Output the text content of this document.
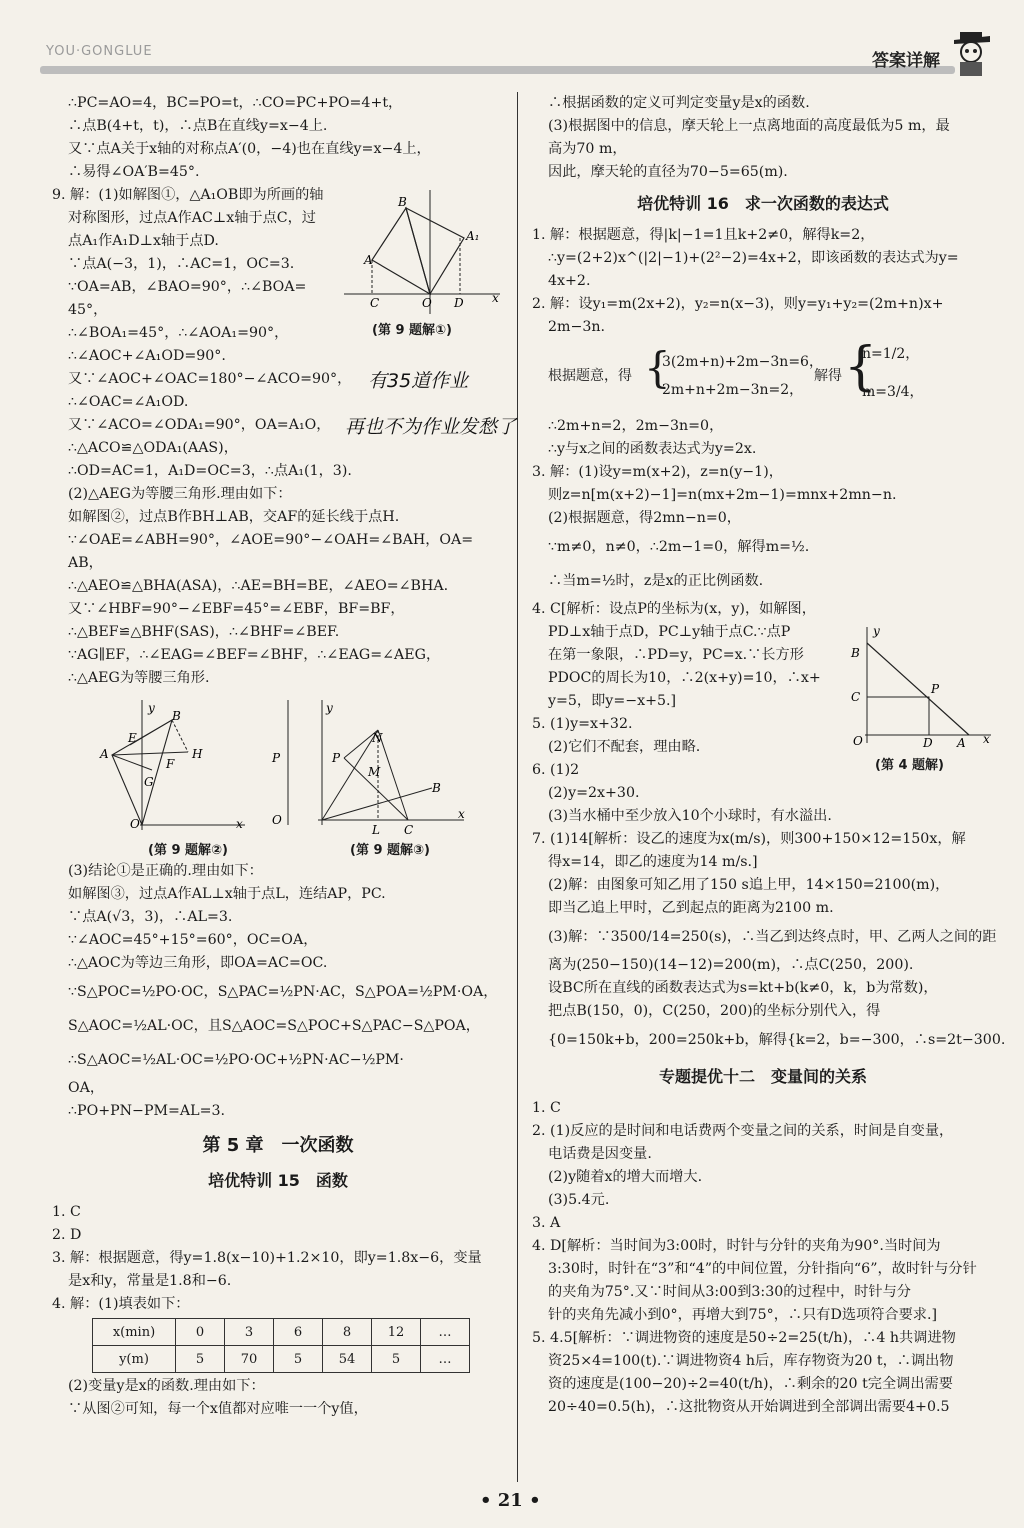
YOU·GONGLUE	答案详解
∴PC=AO=4，BC=PO=t，∴CO=PC+PO=4+t，
∴点B(4+t，t)，∴点B在直线y=x−4上.
又∵点A关于x轴的对称点A′(0，−4)也在直线y=x−4上，
∴易得∠OA′B=45°.
9. 解：(1)如解图①，△A₁OB即为所画的轴
对称图形，过点A作AC⊥x轴于点C，过
点A₁作A₁D⊥x轴于点D.
∵点A(−3，1)，∴AC=1，OC=3.
∵OA=AB，∠BAO=90°，∴∠BOA=
45°，
∴∠BOA₁=45°，∴∠AOA₁=90°，
∴∠AOC+∠A₁OD=90°.
又∵∠AOC+∠OAC=180°−∠ACO=90°，
∴∠OAC=∠A₁OD.
又∵∠ACO=∠ODA₁=90°，OA=A₁O，
∴△ACO≌△ODA₁(AAS)，
∴OD=AC=1，A₁D=OC=3，∴点A₁(1，3).
(2)△AEG为等腰三角形.理由如下：
如解图②，过点B作BH⊥AB，交AF的延长线于点H.
∵∠OAE=∠ABH=90°，∠AOE=90°−∠OAH=∠BAH，OA=
AB，
∴△AEO≌△BHA(ASA)，∴AE=BH=BE，∠AEO=∠BHA.
又∵∠HBF=90°−∠EBF=45°=∠EBF，BF=BF，
∴△BEF≌△BHF(SAS)，∴∠BHF=∠BEF.
∵AG∥EF，∴∠EAG=∠BEF=∠BHF，∴∠EAG=∠AEG，
∴△AEG为等腰三角形.
(3)结论①是正确的.理由如下：
如解图③，过点A作AL⊥x轴于点L，连结AP，PC.
∵点A(√3，3)，∴AL=3.
∵∠AOC=45°+15°=60°，OC=OA，
∴△AOC为等边三角形，即OA=AC=OC.
∵S△POC=½PO·OC，S△PAC=½PN·AC，S△POA=½PM·OA，
S△AOC=½AL·OC，且S△AOC=S△POC+S△PAC−S△POA，
∴S△AOC=½AL·OC=½PO·OC+½PN·AC−½PM·
OA，
∴PO+PN−PM=AL=3.
第 5 章　一次函数
培优特训 15　函数
1. C
2. D
3. 解：根据题意，得y=1.8(x−10)+1.2×10，即y=1.8x−6，变量
是x和y，常量是1.8和−6.
4. 解：(1)填表如下：
x(min)	0	3	6	8	12	…
y(m)	5	70	5	54	5	…
(2)变量y是x的函数.理由如下：
∵从图②可知，每一个x值都对应唯一一个y值，
A
B
A₁
C	O D x
(第 9 题解①)
有35道作业
再也不为作业发愁了
A
B
E
F
G
H
O	x
y
(第 9 题解②)
P
O
P
N
M
B
L C
x
y
(第 9 题解③)
∴根据函数的定义可判定变量y是x的函数.
(3)根据图中的信息，摩天轮上一点离地面的高度最低为5 m，最
高为70 m，
因此，摩天轮的直径为70−5=65(m).
培优特训 16　求一次函数的表达式
1. 解：根据题意，得|k|−1=1且k+2≠0，解得k=2，
∴y=(2+2)x^(|2|−1)+(2²−2)=4x+2，即该函数的表达式为y=
4x+2.
2. 解：设y₁=m(2x+2)，y₂=n(x−3)，则y=y₁+y₂=(2m+n)x+
2m−3n.
根据题意，得 {
3(2m+n)+2m−3n=6，
2m+n+2m−3n=2，
解得 {
n=1/2，
m=3/4，
∴2m+n=2，2m−3n=0，
∴y与x之间的函数表达式为y=2x.
3. 解：(1)设y=m(x+2)，z=n(y−1)，
则z=n[m(x+2)−1]=n(mx+2m−1)=mnx+2mn−n.
(2)根据题意，得2mn−n=0，
∵m≠0，n≠0，∴2m−1=0，解得m=½.
∴当m=½时，z是x的正比例函数.
4. C[解析：设点P的坐标为(x，y)，如解图，
PD⊥x轴于点D，PC⊥y轴于点C.∵点P
在第一象限，∴PD=y，PC=x.∵长方形
PDOC的周长为10，∴2(x+y)=10，∴x+
y=5，即y=−x+5.]
5. (1)y=x+32.
(2)它们不配套，理由略.
6. (1)2
(2)y=2x+30.
(3)当水桶中至少放入10个小球时，有水溢出.
7. (1)14[解析：设乙的速度为x(m/s)，则300+150×12=150x，解
得x=14，即乙的速度为14 m/s.]
(2)解：由图象可知乙用了150 s追上甲，14×150=2100(m)，
即当乙追上甲时，乙到起点的距离为2100 m.
(3)解：∵3500/14=250(s)，∴当乙到达终点时，甲、乙两人之间的距
离为(250−150)(14−12)=200(m)，∴点C(250，200).
设BC所在直线的函数表达式为s=kt+b(k≠0，k，b为常数)，
把点B(150，0)，C(250，200)的坐标分别代入，得
{0=150k+b，200=250k+b，解得{k=2，b=−300，∴s=2t−300.
专题提优十二　变量间的关系
1. C
2. (1)反应的是时间和电话费两个变量之间的关系，时间是自变量，
电话费是因变量.
(2)y随着x的增大而增大.
(3)5.4元.
3. A
4. D[解析：当时间为3:00时，时针与分针的夹角为90°.当时间为
3:30时，时针在“3”和“4”的中间位置，分针指向“6”，故时针与分针
的夹角为75°.又∵时间从3:00到3:30的过程中，时针与分
针的夹角先减小到0°，再增大到75°，∴只有D选项符合要求.]
5. 4.5[解析：∵调进物资的速度是50÷2=25(t/h)，∴4 h共调进物
资25×4=100(t).∵调进物资4 h后，库存物资为20 t，∴调出物
资的速度是(100−20)÷2=40(t/h)，∴剩余的20 t完全调出需要
20÷40=0.5(h)，∴这批物资从开始调进到全部调出需要4+0.5
B
C
P
O	D A x
y
(第 4 题解)
• 21 •
